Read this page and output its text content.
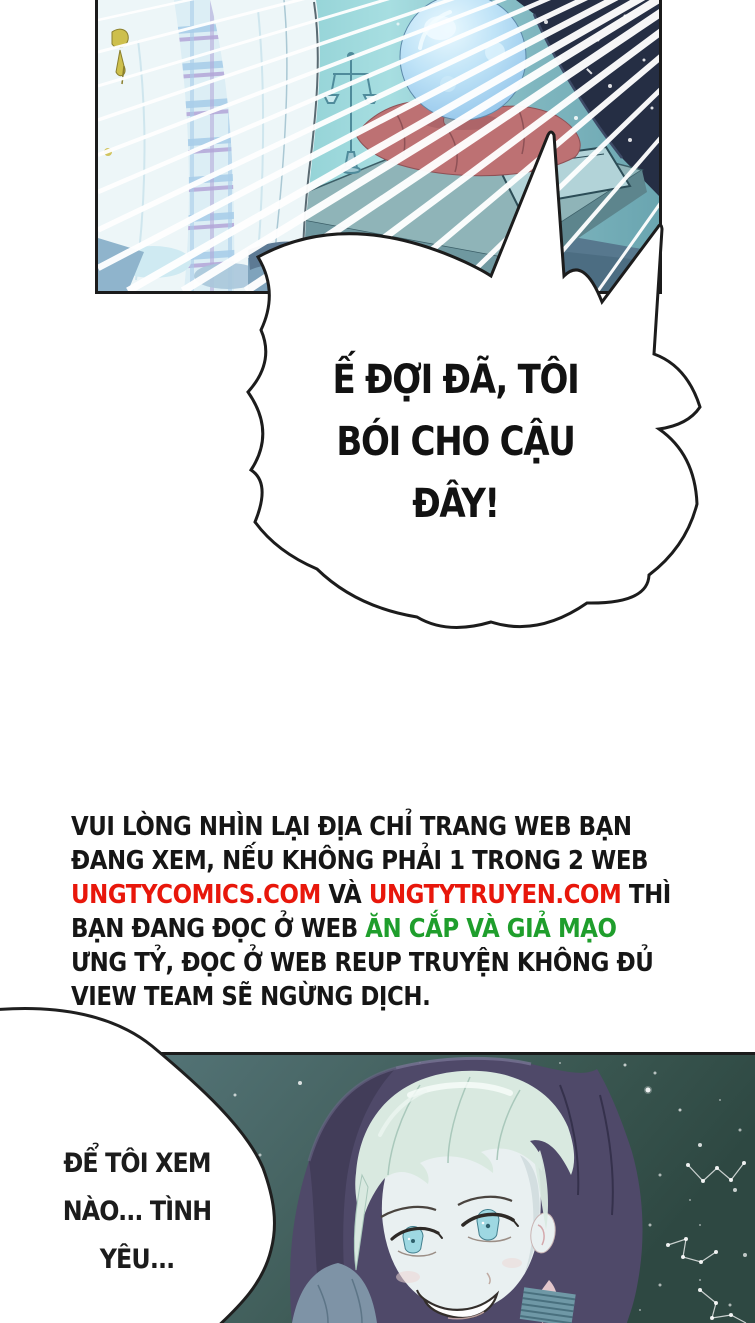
Ế ĐỢI ĐÃ, TÔI
BÓI CHO CẬU
ĐÂY!
VUI LÒNG NHÌN LẠI ĐỊA CHỈ TRANG WEB BẠN
ĐANG XEM, NẾU KHÔNG PHẢI 1 TRONG 2 WEB
UNGTYCOMICS.COM VÀ UNGTYTRUYEN.COM THÌ
BẠN ĐANG ĐỌC Ở WEB ĂN CẮP VÀ GIẢ MẠO
ƯNG TỶ, ĐỌC Ở WEB REUP TRUYỆN KHÔNG ĐỦ
VIEW TEAM SẼ NGỪNG DỊCH.
ĐỂ TÔI XEM
NÀO... TÌNH YÊU...
